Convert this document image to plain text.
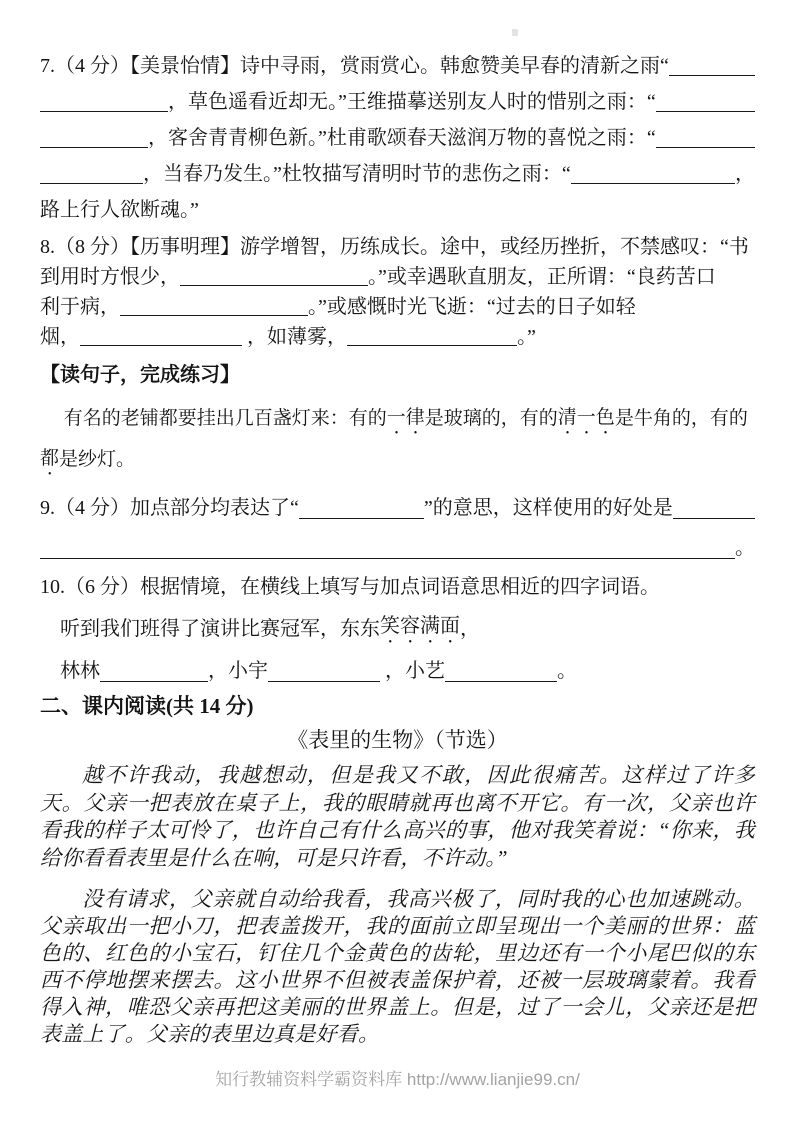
7.（4 分）【美景怡情】诗中寻雨，赏雨赏心。韩愈赞美早春的清新之雨“
，草色遥看近却无。”王维描摹送别友人时的惜别之雨：“
，客舍青青柳色新。”杜甫歌颂春天滋润万物的喜悦之雨：“
，当春乃发生。”杜牧描写清明时节的悲伤之雨：“	，
路上行人欲断魂。”
8.（8 分）【历事明理】游学增智，历练成长。途中，或经历挫折，不禁感叹：“书
到用时方恨少，	。”或幸遇耿直朋友，正所谓：“良药苦口
利于病，	。”或感慨时光飞逝：“过去的日子如轻
烟，	，如薄雾，	。”
【读句子，完成练习】
　 有名的老铺都要挂出几百盏灯来：有的 一律 是玻璃的，有的 清一色 是牛角的，有的
都 是纱灯。
9.（4 分）加点部分均表达了“	”的意思，这样使用的好处是
。
10.（6 分）根据情境，在横线上填写与加点词语意思相近的四字词语。
　听到我们班得了演讲比赛冠军，东东 笑容满面 ，
　林林	，小宇	，小艺	。
二、课内阅读(共 14 分)
《表里的生物》（节选）
越不许我动，我越想动，但是我又不敢，因此很痛苦。这样过了许多天。父亲一把表放在桌子上，我的眼睛就再也离不开它。有一次，父亲也许看我的样子太可怜了，也许自己有什么高兴的事，他对我笑着说：“你来，我给你看看表里是什么在响，可是只许看，不许动。”
没有请求，父亲就自动给我看，我高兴极了，同时我的心也加速跳动。父亲取出一把小刀，把表盖拨开，我的面前立即呈现出一个美丽的世界：蓝色的、红色的小宝石，钉住几个金黄色的齿轮，里边还有一个小尾巴似的东西不停地摆来摆去。这小世界不但被表盖保护着，还被一层玻璃蒙着。我看得入神，唯恐父亲再把这美丽的世界盖上。但是，过了一会儿，父亲还是把表盖上了。父亲的表里边真是好看。
知行教辅资料学霸资料库 http://www.lianjie99.cn/
